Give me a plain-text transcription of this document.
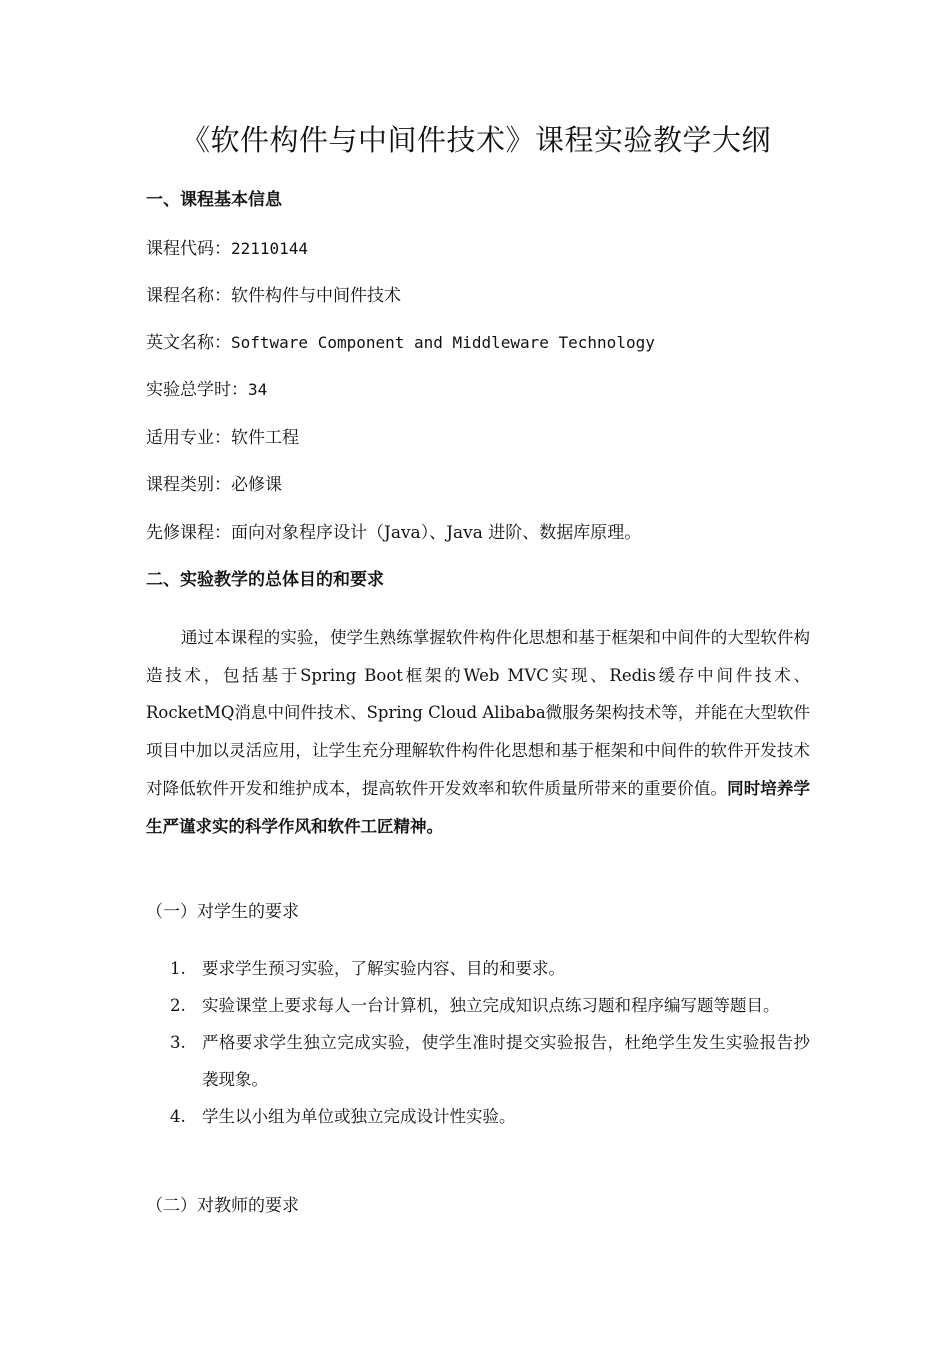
《软件构件与中间件技术》课程实验教学大纲
一、课程基本信息
课程代码：22110144
课程名称：软件构件与中间件技术
英文名称：Software Component and Middleware Technology
实验总学时：34
适用专业：软件工程
课程类别：必修课
先修课程：面向对象程序设计（Java）、Java 进阶、数据库原理。
二、实验教学的总体目的和要求
通过本课程的实验，使学生熟练掌握软件构件化思想和基于框架和中间件的大型软件构造技术，包括基于Spring Boot框架的Web MVC实现、Redis缓存中间件技术、RocketMQ消息中间件技术、Spring Cloud Alibaba微服务架构技术等，并能在大型软件项目中加以灵活应用，让学生充分理解软件构件化思想和基于框架和中间件的软件开发技术对降低软件开发和维护成本，提高软件开发效率和软件质量所带来的重要价值。同时培养学生严谨求实的科学作风和软件工匠精神。
（一）对学生的要求
1. 要求学生预习实验，了解实验内容、目的和要求。
2. 实验课堂上要求每人一台计算机，独立完成知识点练习题和程序编写题等题目。
3. 严格要求学生独立完成实验，使学生准时提交实验报告，杜绝学生发生实验报告抄袭现象。
4. 学生以小组为单位或独立完成设计性实验。
（二）对教师的要求
